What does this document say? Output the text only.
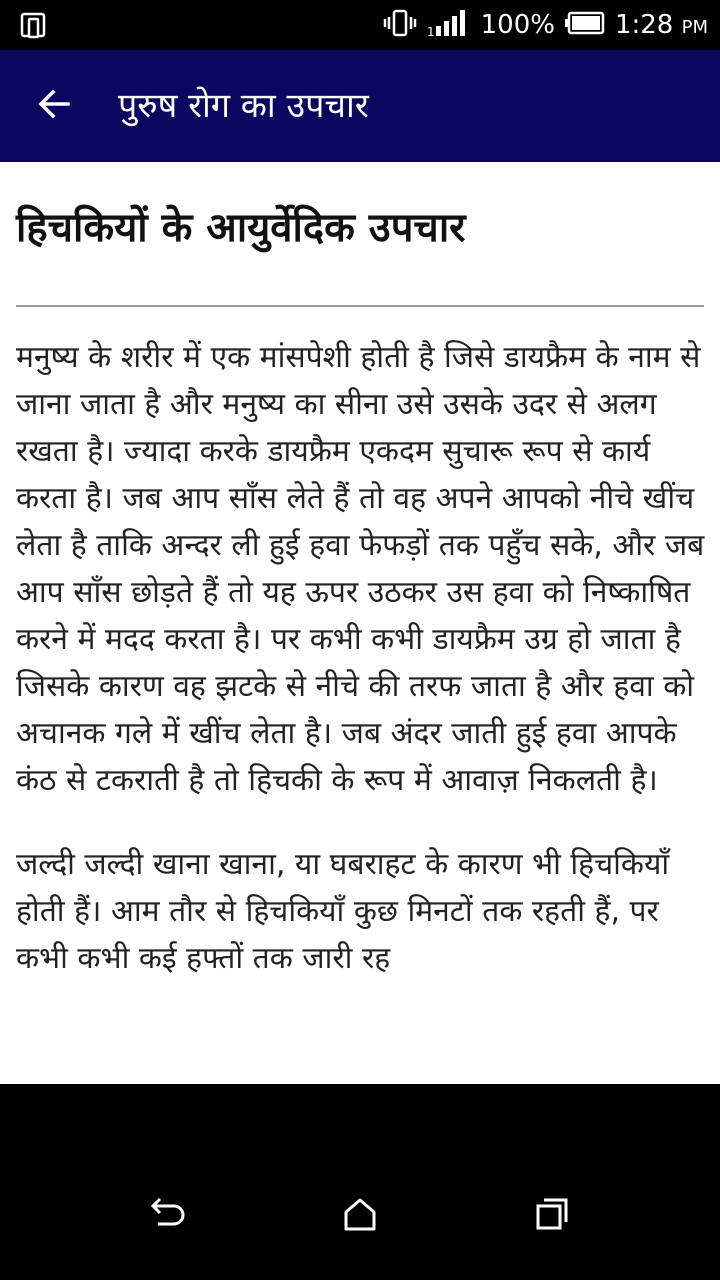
1 100% 1:28 PM
पुरुष रोग का उपचार
हिचकियों के आयुर्वेदिक उपचार

मनुष्य के शरीर में एक मांसपेशी होती है जिसे डायफ्रैम के नाम से जाना जाता है और मनुष्य का सीना उसे उसके उदर से अलग रखता है। ज्यादा करके डायफ्रैम एकदम सुचारू रूप से कार्य करता है। जब आप साँस लेते हैं तो वह अपने आपको नीचे खींच लेता है ताकि अन्दर ली हुई हवा फेफड़ों तक पहुँच सके, और जब आप साँस छोड़ते हैं तो यह ऊपर उठकर उस हवा को निष्काषित करने में मदद करता है। पर कभी कभी डायफ्रैम उग्र हो जाता है जिसके कारण वह झटके से नीचे की तरफ जाता है और हवा को अचानक गले में खींच लेता है। जब अंदर जाती हुई हवा आपके कंठ से टकराती है तो हिचकी के रूप में आवाज़ निकलती है।

जल्दी जल्दी खाना खाना, या घबराहट के कारण भी हिचकियाँ होती हैं। आम तौर से हिचकियाँ कुछ मिनटों तक रहती हैं, पर कभी कभी कई हफ्तों तक जारी रह
